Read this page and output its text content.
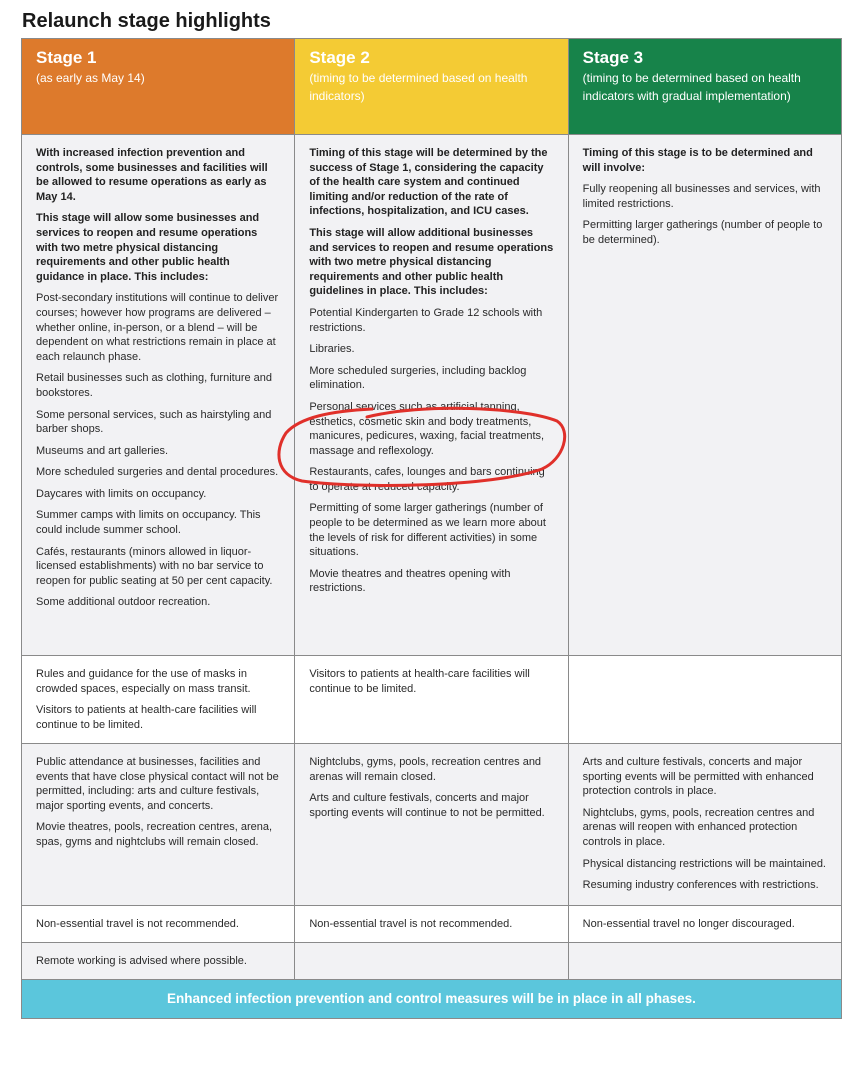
Relaunch stage highlights
Stage 1
(as early as May 14)
Stage 2
(timing to be determined based on health indicators)
Stage 3
(timing to be determined based on health indicators with gradual implementation)

With increased infection prevention and controls, some businesses and facilities will be allowed to resume operations as early as May 14.

This stage will allow some businesses and services to reopen and resume operations with two metre physical distancing requirements and other public health guidance in place. This includes:

Post-secondary institutions will continue to deliver courses; however how programs are delivered – whether online, in-person, or a blend – will be dependent on what restrictions remain in place at each relaunch phase.

Retail businesses such as clothing, furniture and bookstores.

Some personal services, such as hairstyling and barber shops.

Museums and art galleries.

More scheduled surgeries and dental procedures.

Daycares with limits on occupancy.

Summer camps with limits on occupancy. This could include summer school.

Cafés, restaurants (minors allowed in liquor-licensed establishments) with no bar service to reopen for public seating at 50 per cent capacity.

Some additional outdoor recreation.

Timing of this stage will be determined by the success of Stage 1, considering the capacity of the health care system and continued limiting and/or reduction of the rate of infections, hospitalization, and ICU cases.

This stage will allow additional businesses and services to reopen and resume operations with two metre physical distancing requirements and other public health guidelines in place. This includes:

Potential Kindergarten to Grade 12 schools with restrictions.

Libraries.

More scheduled surgeries, including backlog elimination.

Personal services such as artificial tanning, esthetics, cosmetic skin and body treatments, manicures, pedicures, waxing, facial treatments, massage and reflexology.

Restaurants, cafes, lounges and bars continuing to operate at reduced capacity.

Permitting of some larger gatherings (number of people to be determined as we learn more about the levels of risk for different activities) in some situations.

Movie theatres and theatres opening with restrictions.

Timing of this stage is to be determined and will involve:

Fully reopening all businesses and services, with limited restrictions.

Permitting larger gatherings (number of people to be determined).

Rules and guidance for the use of masks in crowded spaces, especially on mass transit.

Visitors to patients at health-care facilities will continue to be limited.

Visitors to patients at health-care facilities will continue to be limited.

Public attendance at businesses, facilities and events that have close physical contact will not be permitted, including: arts and culture festivals, major sporting events, and concerts.

Movie theatres, pools, recreation centres, arena, spas, gyms and nightclubs will remain closed.

Nightclubs, gyms, pools, recreation centres and arenas will remain closed.

Arts and culture festivals, concerts and major sporting events will continue to not be permitted.

Arts and culture festivals, concerts and major sporting events will be permitted with enhanced protection controls in place.

Nightclubs, gyms, pools, recreation centres and arenas will reopen with enhanced protection controls in place.

Physical distancing restrictions will be maintained.

Resuming industry conferences with restrictions.

Non-essential travel is not recommended.	Non-essential travel is not recommended.	Non-essential travel no longer discouraged.
Remote working is advised where possible.
Enhanced infection prevention and control measures will be in place in all phases.
